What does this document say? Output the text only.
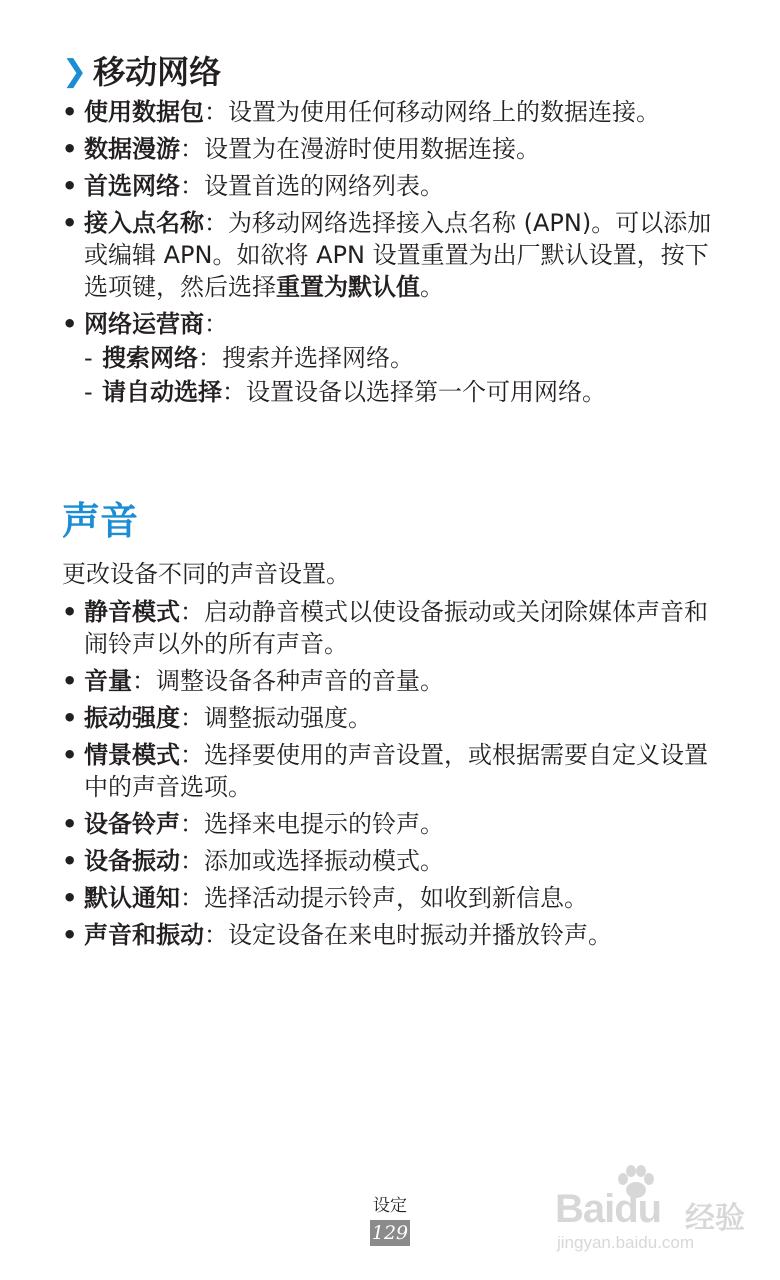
❯ 移动网络
• 使用数据包：设置为使用任何移动网络上的数据连接。
• 数据漫游：设置为在漫游时使用数据连接。
• 首选网络：设置首选的网络列表。
• 接入点名称：为移动网络选择接入点名称 (APN)。可以添加或编辑 APN。如欲将 APN 设置重置为出厂默认设置，按下选项键，然后选择重置为默认值。
• 网络运营商：
- 搜索网络：搜索并选择网络。
- 请自动选择：设置设备以选择第一个可用网络。
声音
更改设备不同的声音设置。
• 静音模式：启动静音模式以使设备振动或关闭除媒体声音和闹铃声以外的所有声音。
• 音量：调整设备各种声音的音量。
• 振动强度：调整振动强度。
• 情景模式：选择要使用的声音设置，或根据需要自定义设置中的声音选项。
• 设备铃声：选择来电提示的铃声。
• 设备振动：添加或选择振动模式。
• 默认通知：选择活动提示铃声，如收到新信息。
• 声音和振动：设定设备在来电时振动并播放铃声。
设定
129
Baidu 经验
jingyan.baidu.com
